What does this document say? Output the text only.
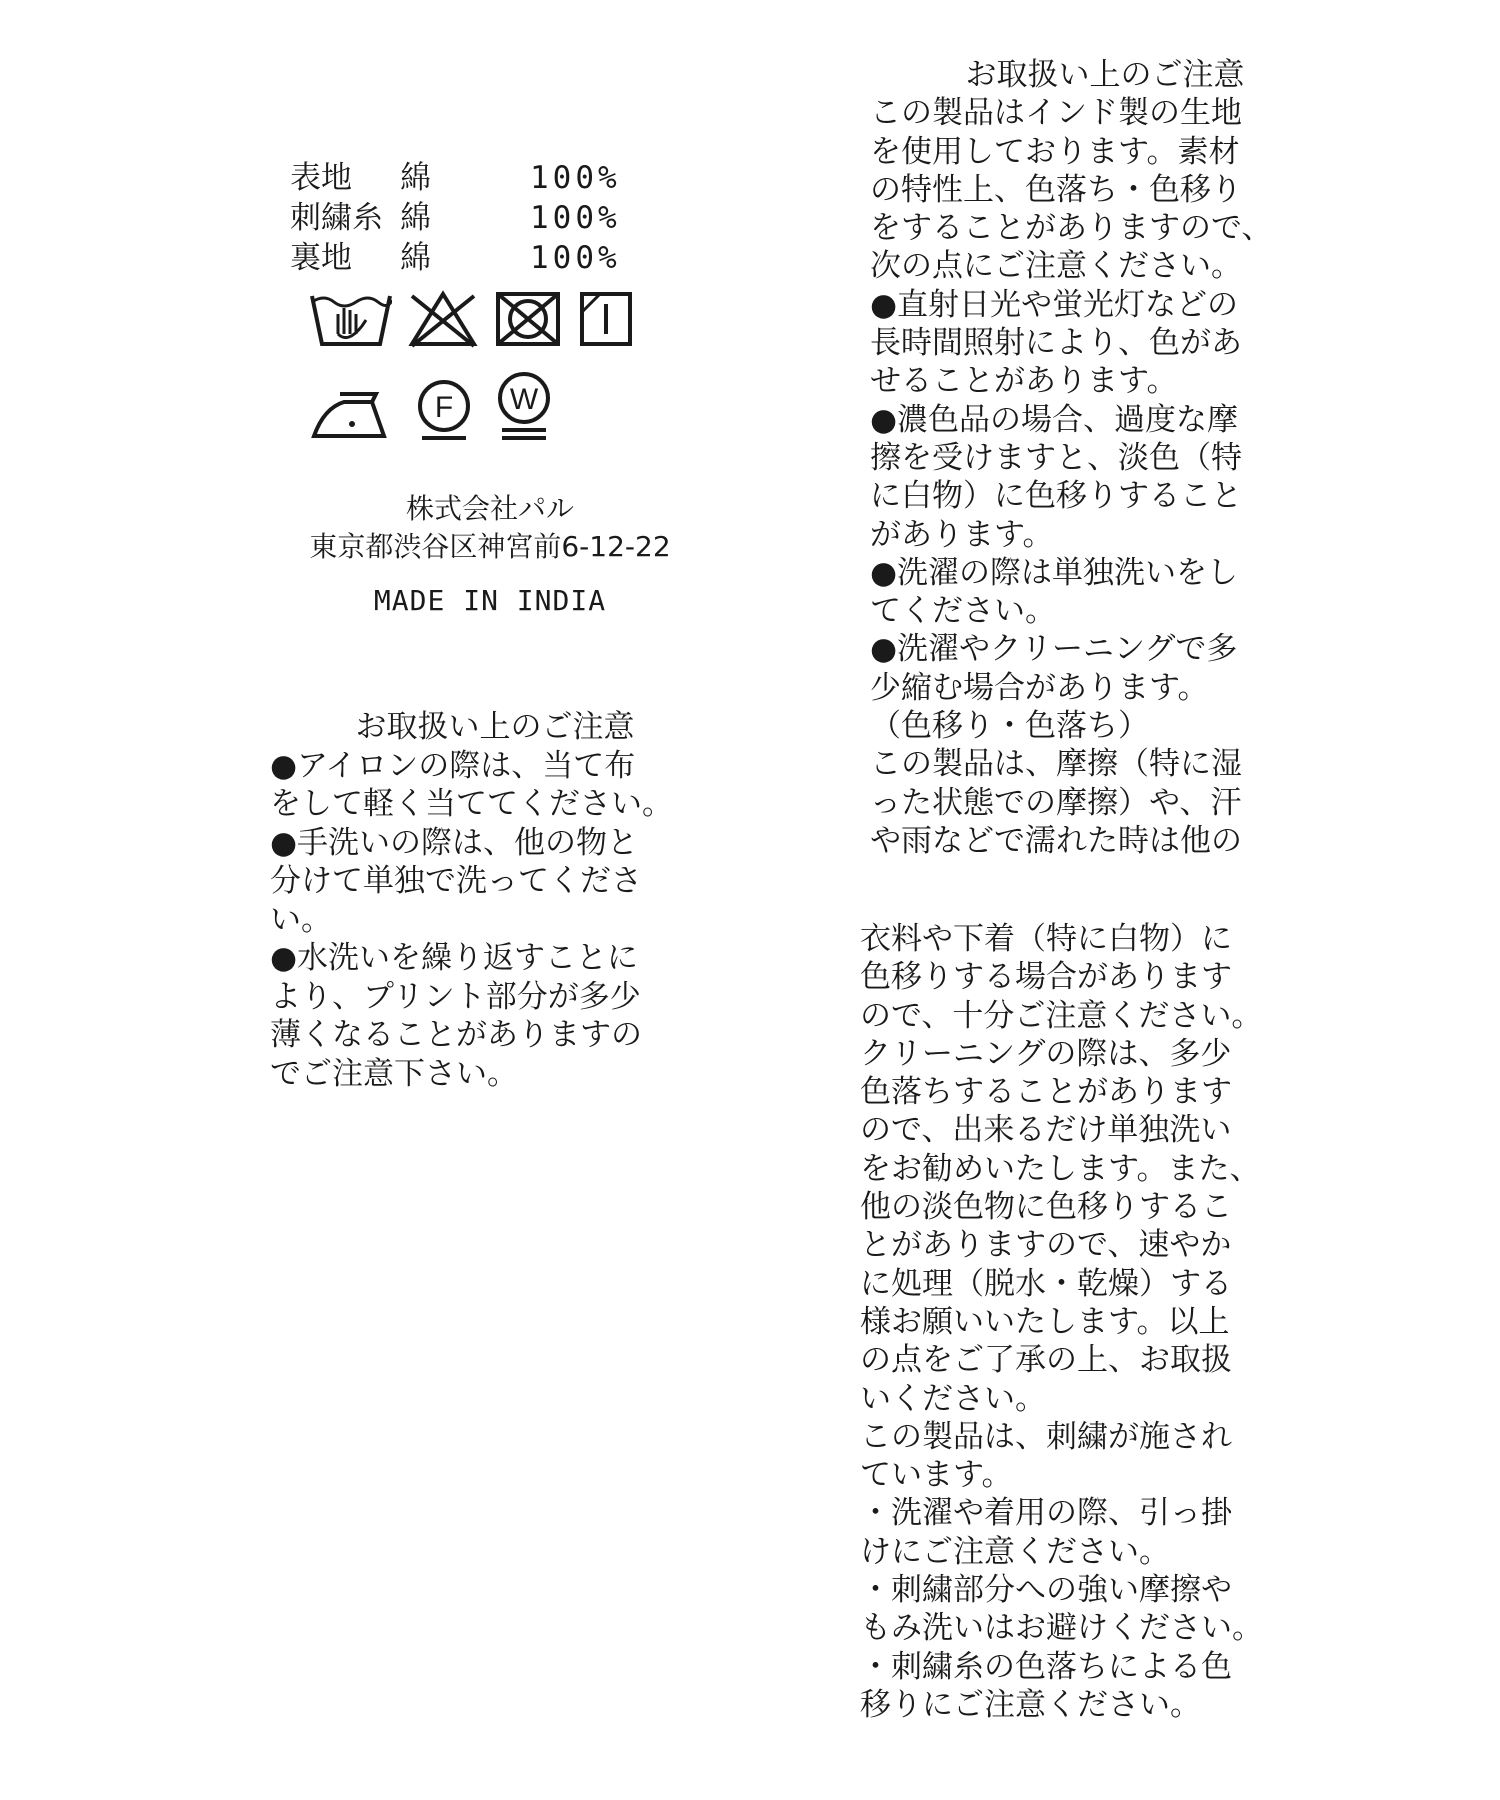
表地	綿	100%
刺繍糸 綿	100%
裏地	綿	100%
F W
株式会社パル
東京都渋谷区神宮前6-12-22
MADE IN INDIA
お取扱い上のご注意
●アイロンの際は、当て布
をして軽く当ててください。
●手洗いの際は、他の物と
分けて単独で洗ってくださ
い。
●水洗いを繰り返すことに
より、プリント部分が多少
薄くなることがありますの
でご注意下さい。
お取扱い上のご注意
この製品はインド製の生地
を使用しております。素材
の特性上、色落ち・色移り
をすることがありますので、
次の点にご注意ください。
●直射日光や蛍光灯などの
長時間照射により、色があ
せることがあります。
●濃色品の場合、過度な摩
擦を受けますと、淡色（特
に白物）に色移りすること
があります。
●洗濯の際は単独洗いをし
てください。
●洗濯やクリーニングで多
少縮む場合があります。
（色移り・色落ち）
この製品は、摩擦（特に湿
った状態での摩擦）や、汗
や雨などで濡れた時は他の
衣料や下着（特に白物）に
色移りする場合があります
ので、十分ご注意ください。
クリーニングの際は、多少
色落ちすることがあります
ので、出来るだけ単独洗い
をお勧めいたします。また、
他の淡色物に色移りするこ
とがありますので、速やか
に処理（脱水・乾燥）する
様お願いいたします。以上
の点をご了承の上、お取扱
いください。
この製品は、刺繍が施され
ています。
・洗濯や着用の際、引っ掛
けにご注意ください。
・刺繍部分への強い摩擦や
もみ洗いはお避けください。
・刺繍糸の色落ちによる色
移りにご注意ください。
